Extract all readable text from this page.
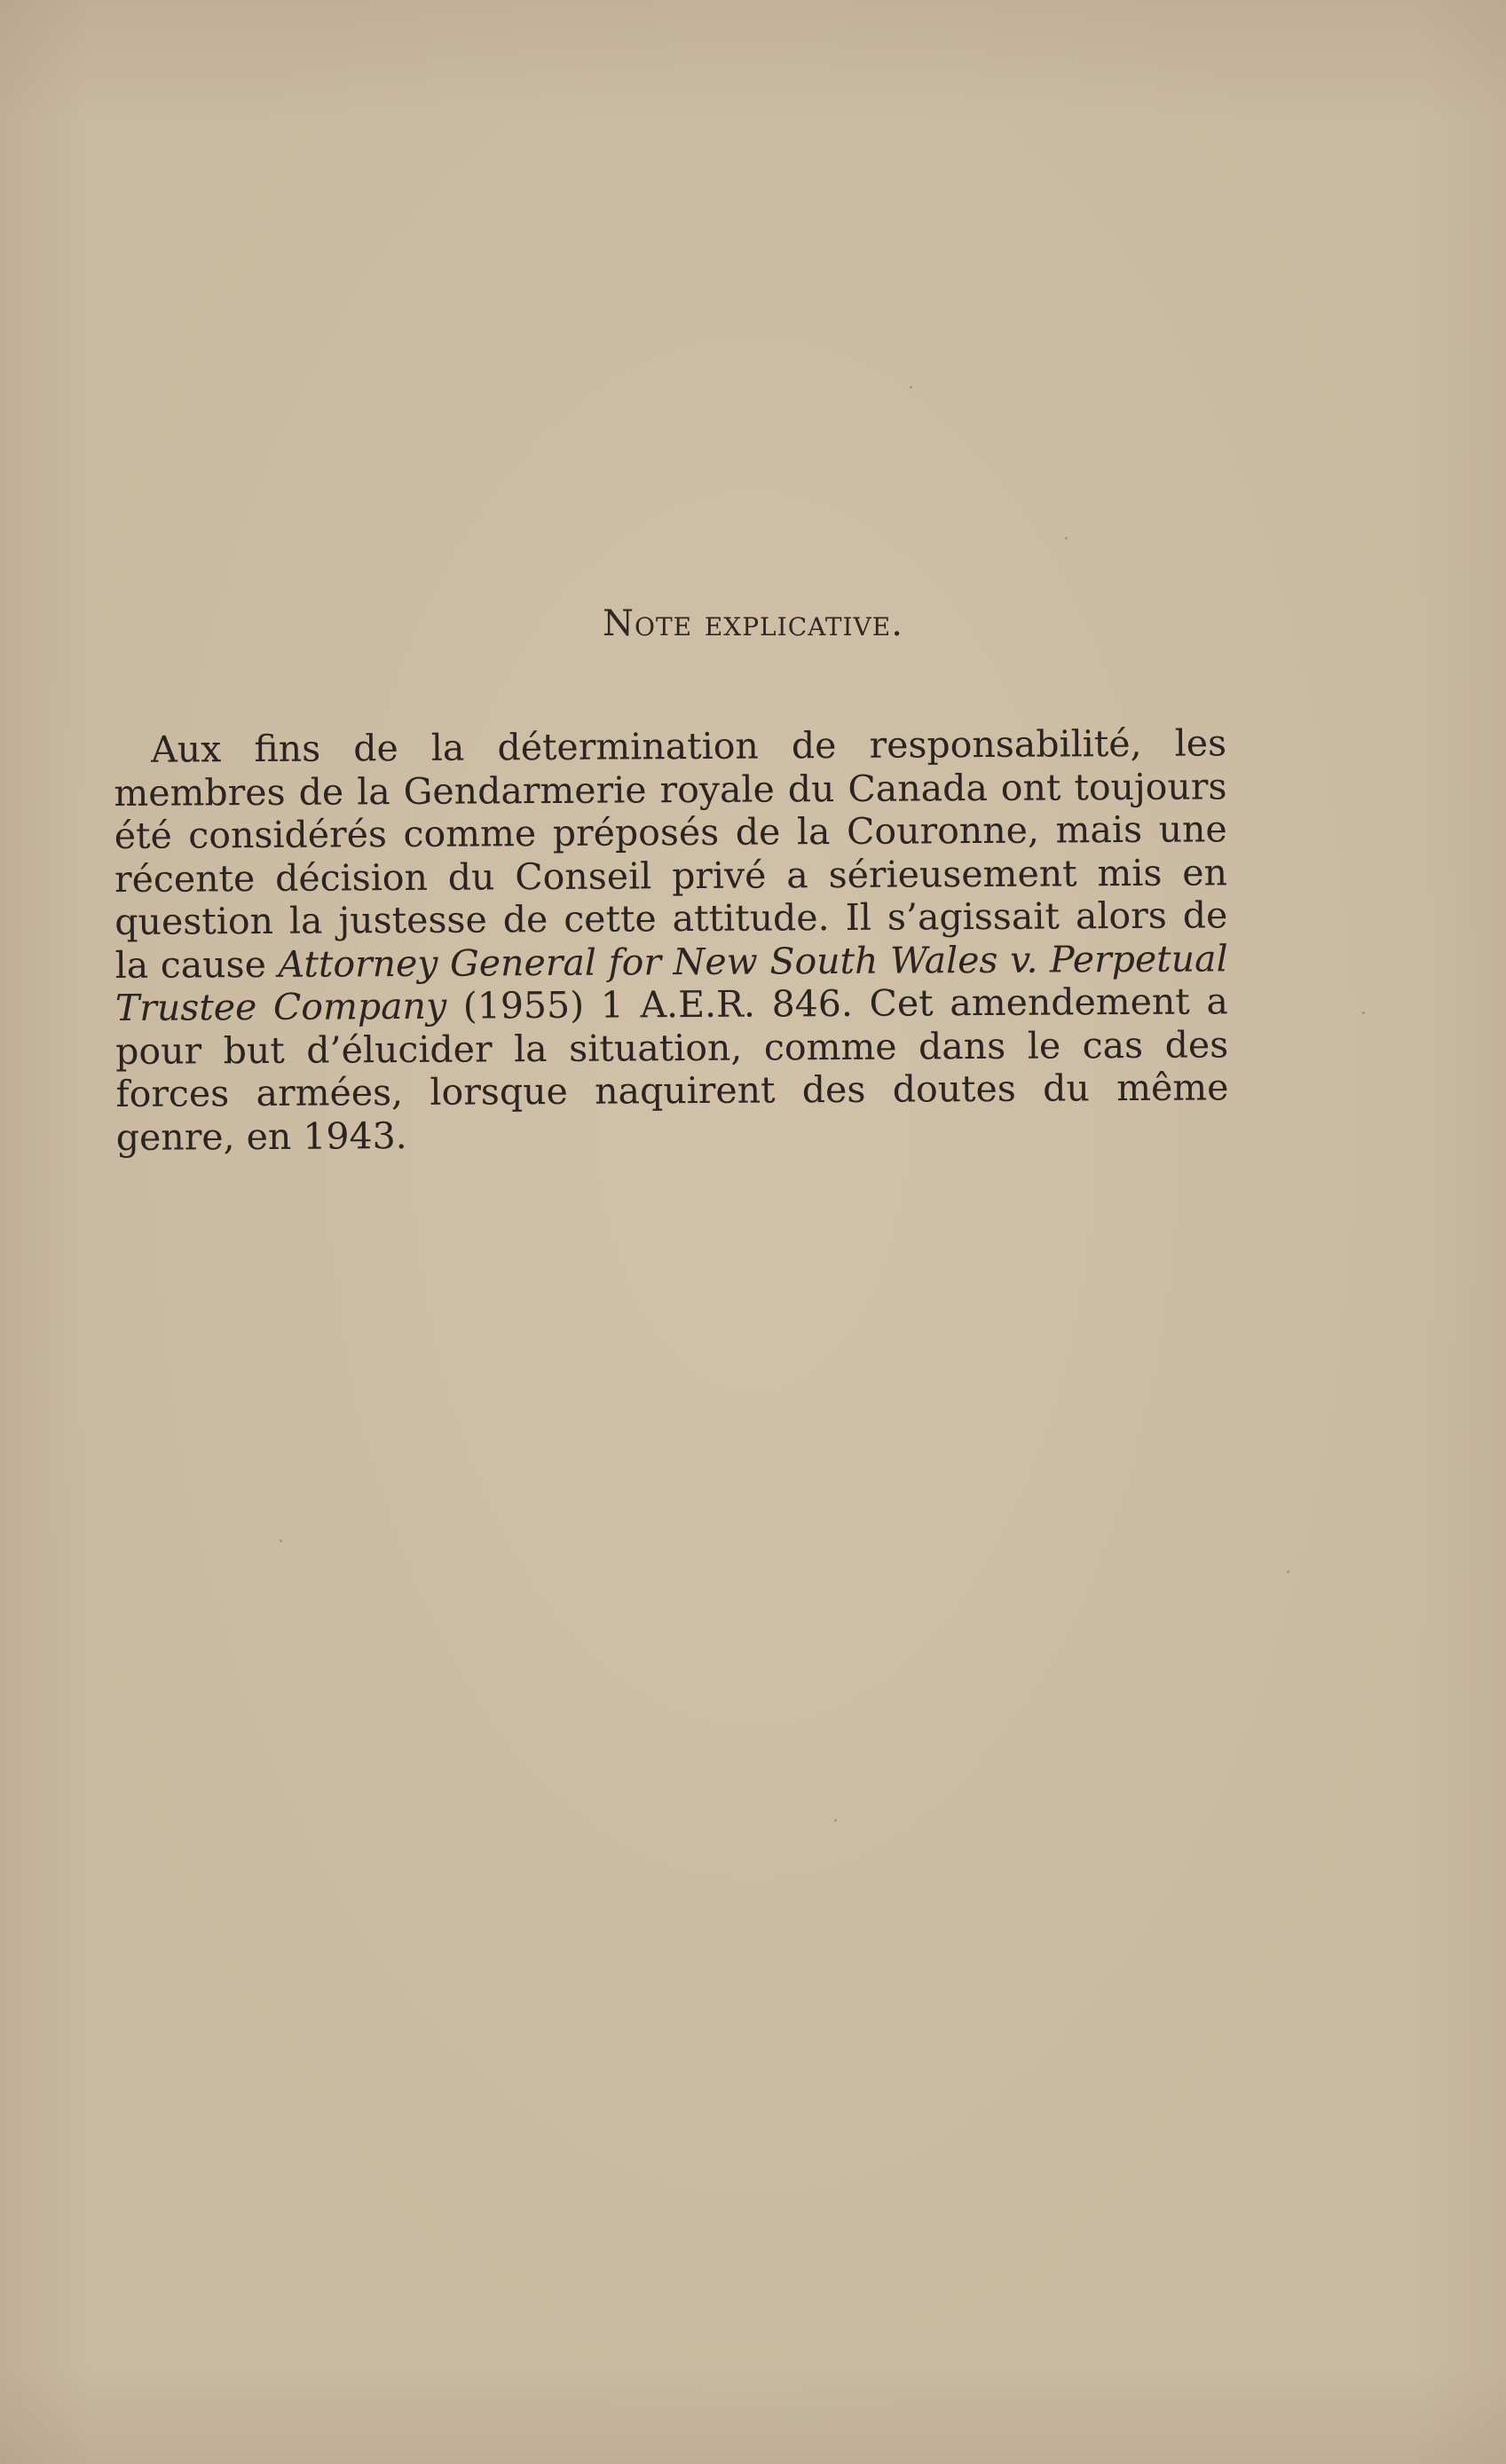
Note explicative.

Aux fins de la détermination de responsabilité, les membres de la Gendarmerie royale du Canada ont toujours été considérés comme préposés de la Couronne, mais une récente décision du Conseil privé a sérieusement mis en question la justesse de cette attitude. Il s’agissait alors de la cause Attorney General for New South Wales v. Perpetual Trustee Company (1955) 1 A.E.R. 846. Cet amendement a pour but d’élucider la situation, comme dans le cas des forces armées, lorsque naquirent des doutes du même genre, en 1943.
